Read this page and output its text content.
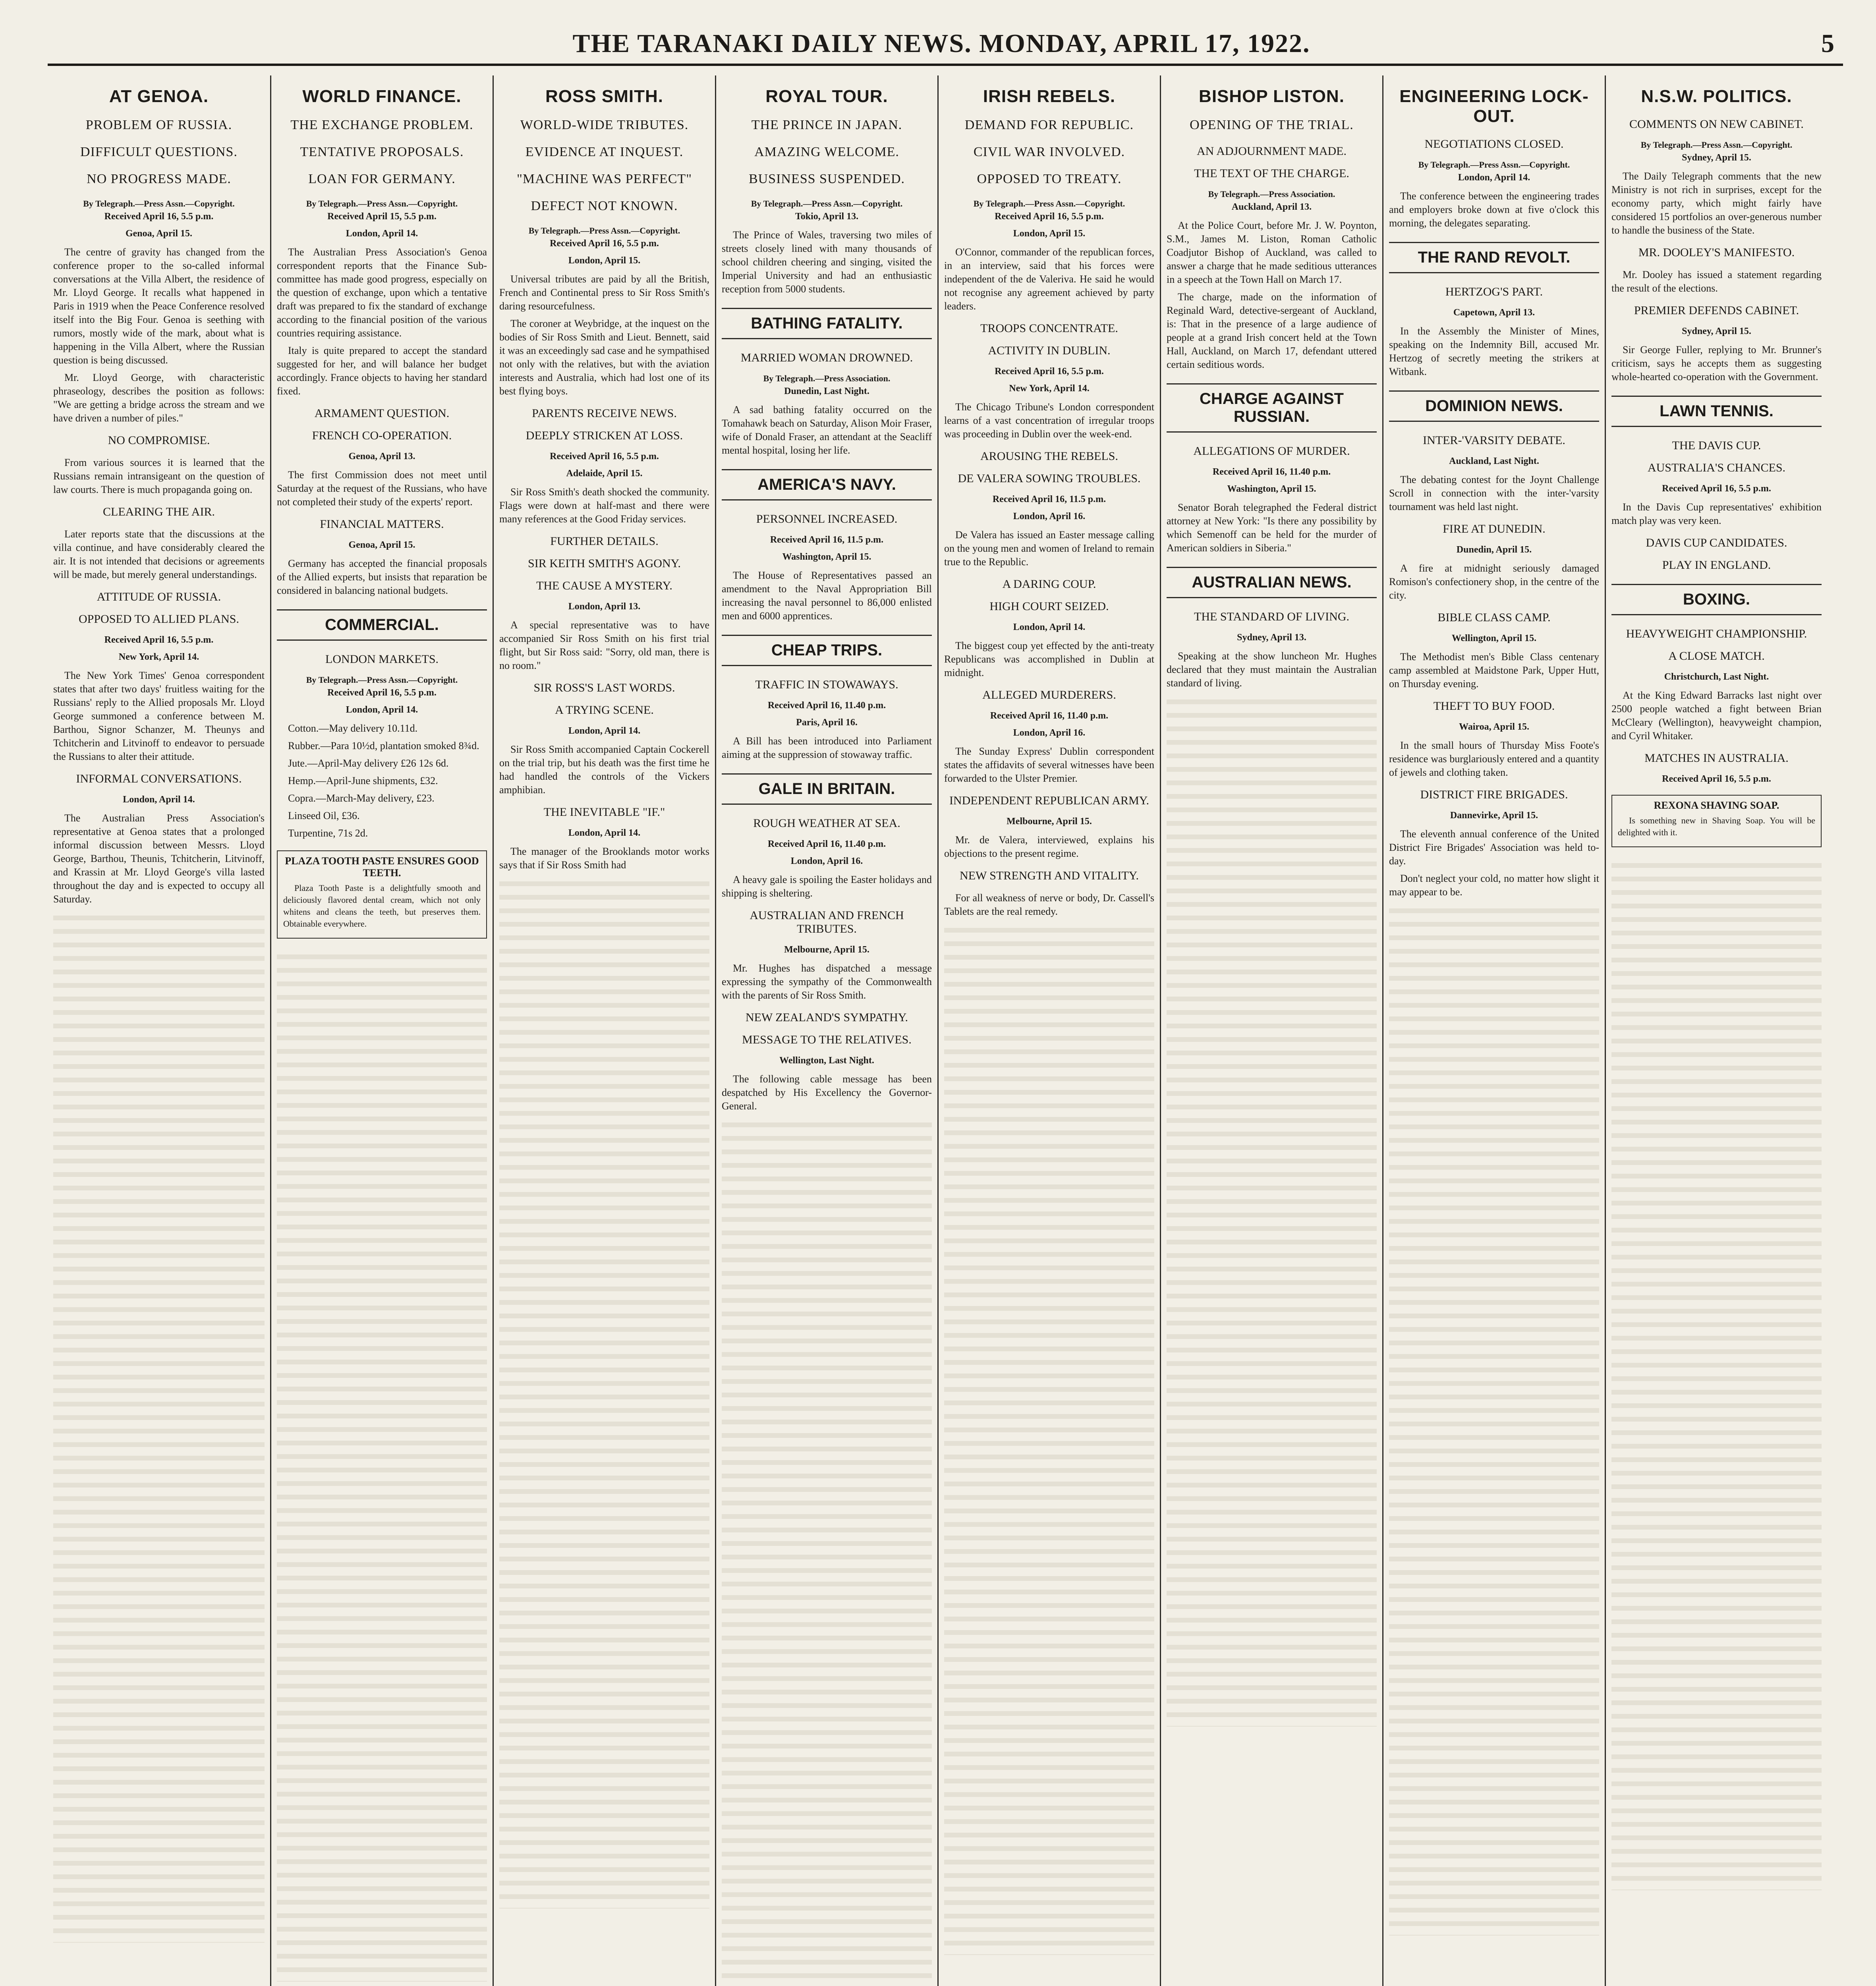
THE TARANAKI DAILY NEWS. MONDAY, APRIL 17, 1922.	5
AT GENOA.
PROBLEM OF RUSSIA.
DIFFICULT QUESTIONS.
NO PROGRESS MADE.
By Telegraph.—Press Assn.—Copyright.
Received April 16, 5.5 p.m.
Genoa, April 15.
The centre of gravity has changed from the conference proper to the so-called informal conversations at the Villa Albert, the residence of Mr. Lloyd George. It recalls what happened in Paris in 1919 when the Peace Conference resolved itself into the Big Four. Genoa is seething with rumors, mostly wide of the mark, about what is happening in the Villa Albert, where the Russian question is being discussed.
Mr. Lloyd George, with characteristic phraseology, describes the position as follows: "We are getting a bridge across the stream and we have driven a number of piles."
NO COMPROMISE.
From various sources it is learned that the Russians remain intransigeant on the question of law courts. There is much propaganda going on.
CLEARING THE AIR.
Later reports state that the discussions at the villa continue, and have considerably cleared the air. It is not intended that decisions or agreements will be made, but merely general understandings.
ATTITUDE OF RUSSIA.
OPPOSED TO ALLIED PLANS.
Received April 16, 5.5 p.m.
New York, April 14.
The New York Times' Genoa correspondent states that after two days' fruitless waiting for the Russians' reply to the Allied proposals Mr. Lloyd George summoned a conference between M. Barthou, Signor Schanzer, M. Theunys and Tchitcherin and Litvinoff to endeavor to persuade the Russians to alter their attitude.
INFORMAL CONVERSATIONS.
London, April 14.
The Australian Press Association's representative at Genoa states that a prolonged informal discussion between Messrs. Lloyd George, Barthou, Theunis, Tchitcherin, Litvinoff, and Krassin at Mr. Lloyd George's villa lasted throughout the day and is expected to occupy all Saturday.
WORLD FINANCE.
THE EXCHANGE PROBLEM.
TENTATIVE PROPOSALS.
LOAN FOR GERMANY.
By Telegraph.—Press Assn.—Copyright.
Received April 15, 5.5 p.m.
London, April 14.
The Australian Press Association's Genoa correspondent reports that the Finance Sub-committee has made good progress, especially on the question of exchange, upon which a tentative draft was prepared to fix the standard of exchange according to the financial position of the various countries requiring assistance.
Italy is quite prepared to accept the standard suggested for her, and will balance her budget accordingly. France objects to having her standard fixed.
ARMAMENT QUESTION.
FRENCH CO-OPERATION.
Genoa, April 13.
The first Commission does not meet until Saturday at the request of the Russians, who have not completed their study of the experts' report.
FINANCIAL MATTERS.
Genoa, April 15.
Germany has accepted the financial proposals of the Allied experts, but insists that reparation be considered in balancing national budgets.
COMMERCIAL.
LONDON MARKETS.
By Telegraph.—Press Assn.—Copyright.
Received April 16, 5.5 p.m.
London, April 14.
Cotton.—May delivery 10.11d.
Rubber.—Para 10½d, plantation smoked 8¾d.
Jute.—April-May delivery £26 12s 6d.
Hemp.—April-June shipments, £32.
Copra.—March-May delivery, £23.
Linseed Oil, £36.
Turpentine, 71s 2d.
PLAZA TOOTH PASTE ENSURES GOOD TEETH.
Plaza Tooth Paste is a delightfully smooth and deliciously flavored dental cream, which not only whitens and cleans the teeth, but preserves them. Obtainable everywhere.
ROSS SMITH.
WORLD-WIDE TRIBUTES.
EVIDENCE AT INQUEST.
"MACHINE WAS PERFECT"
DEFECT NOT KNOWN.
By Telegraph.—Press Assn.—Copyright.
Received April 16, 5.5 p.m.
London, April 15.
Universal tributes are paid by all the British, French and Continental press to Sir Ross Smith's daring resourcefulness.
The coroner at Weybridge, at the inquest on the bodies of Sir Ross Smith and Lieut. Bennett, said it was an exceedingly sad case and he sympathised not only with the relatives, but with the aviation interests and Australia, which had lost one of its best flying boys.
PARENTS RECEIVE NEWS.
DEEPLY STRICKEN AT LOSS.
Received April 16, 5.5 p.m.
Adelaide, April 15.
Sir Ross Smith's death shocked the community. Flags were down at half-mast and there were many references at the Good Friday services.
FURTHER DETAILS.
SIR KEITH SMITH'S AGONY.
THE CAUSE A MYSTERY.
London, April 13.
A special representative was to have accompanied Sir Ross Smith on his first trial flight, but Sir Ross said: "Sorry, old man, there is no room."
SIR ROSS'S LAST WORDS.
A TRYING SCENE.
London, April 14.
Sir Ross Smith accompanied Captain Cockerell on the trial trip, but his death was the first time he had handled the controls of the Vickers amphibian.
THE INEVITABLE "IF."
London, April 14.
The manager of the Brooklands motor works says that if Sir Ross Smith had
ROYAL TOUR.
THE PRINCE IN JAPAN.
AMAZING WELCOME.
BUSINESS SUSPENDED.
By Telegraph.—Press Assn.—Copyright.
Tokio, April 13.
The Prince of Wales, traversing two miles of streets closely lined with many thousands of school children cheering and singing, visited the Imperial University and had an enthusiastic reception from 5000 students.
BATHING FATALITY.
MARRIED WOMAN DROWNED.
By Telegraph.—Press Association.
Dunedin, Last Night.
A sad bathing fatality occurred on the Tomahawk beach on Saturday, Alison Moir Fraser, wife of Donald Fraser, an attendant at the Seacliff mental hospital, losing her life.
AMERICA'S NAVY.
PERSONNEL INCREASED.
Received April 16, 11.5 p.m.
Washington, April 15.
The House of Representatives passed an amendment to the Naval Appropriation Bill increasing the naval personnel to 86,000 enlisted men and 6000 apprentices.
CHEAP TRIPS.
TRAFFIC IN STOWAWAYS.
Received April 16, 11.40 p.m.
Paris, April 16.
A Bill has been introduced into Parliament aiming at the suppression of stowaway traffic.
GALE IN BRITAIN.
ROUGH WEATHER AT SEA.
Received April 16, 11.40 p.m.
London, April 16.
A heavy gale is spoiling the Easter holidays and shipping is sheltering.
AUSTRALIAN AND FRENCH TRIBUTES.
Melbourne, April 15.
Mr. Hughes has dispatched a message expressing the sympathy of the Commonwealth with the parents of Sir Ross Smith.
NEW ZEALAND'S SYMPATHY.
MESSAGE TO THE RELATIVES.
Wellington, Last Night.
The following cable message has been despatched by His Excellency the Governor-General.
IRISH REBELS.
DEMAND FOR REPUBLIC.
CIVIL WAR INVOLVED.
OPPOSED TO TREATY.
By Telegraph.—Press Assn.—Copyright.
Received April 16, 5.5 p.m.
London, April 15.
O'Connor, commander of the republican forces, in an interview, said that his forces were independent of the de Valeriva. He said he would not recognise any agreement achieved by party leaders.
TROOPS CONCENTRATE.
ACTIVITY IN DUBLIN.
Received April 16, 5.5 p.m.
New York, April 14.
The Chicago Tribune's London correspondent learns of a vast concentration of irregular troops was proceeding in Dublin over the week-end.
AROUSING THE REBELS.
DE VALERA SOWING TROUBLES.
Received April 16, 11.5 p.m.
London, April 16.
De Valera has issued an Easter message calling on the young men and women of Ireland to remain true to the Republic.
A DARING COUP.
HIGH COURT SEIZED.
London, April 14.
The biggest coup yet effected by the anti-treaty Republicans was accomplished in Dublin at midnight.
ALLEGED MURDERERS.
Received April 16, 11.40 p.m.
London, April 16.
The Sunday Express' Dublin correspondent states the affidavits of several witnesses have been forwarded to the Ulster Premier.
INDEPENDENT REPUBLICAN ARMY.
Melbourne, April 15.
Mr. de Valera, interviewed, explains his objections to the present regime.
NEW STRENGTH AND VITALITY.
For all weakness of nerve or body, Dr. Cassell's Tablets are the real remedy.
BISHOP LISTON.
OPENING OF THE TRIAL.
AN ADJOURNMENT MADE.
THE TEXT OF THE CHARGE.
By Telegraph.—Press Association.
Auckland, April 13.
At the Police Court, before Mr. J. W. Poynton, S.M., James M. Liston, Roman Catholic Coadjutor Bishop of Auckland, was called to answer a charge that he made seditious utterances in a speech at the Town Hall on March 17.
The charge, made on the information of Reginald Ward, detective-sergeant of Auckland, is: That in the presence of a large audience of people at a grand Irish concert held at the Town Hall, Auckland, on March 17, defendant uttered certain seditious words.
CHARGE AGAINST RUSSIAN.
ALLEGATIONS OF MURDER.
Received April 16, 11.40 p.m.
Washington, April 15.
Senator Borah telegraphed the Federal district attorney at New York: "Is there any possibility by which Semenoff can be held for the murder of American soldiers in Siberia."
AUSTRALIAN NEWS.
THE STANDARD OF LIVING.
Sydney, April 13.
Speaking at the show luncheon Mr. Hughes declared that they must maintain the Australian standard of living.
ENGINEERING LOCK-OUT.
NEGOTIATIONS CLOSED.
By Telegraph.—Press Assn.—Copyright.
London, April 14.
The conference between the engineering trades and employers broke down at five o'clock this morning, the delegates separating.
THE RAND REVOLT.
HERTZOG'S PART.
Capetown, April 13.
In the Assembly the Minister of Mines, speaking on the Indemnity Bill, accused Mr. Hertzog of secretly meeting the strikers at Witbank.
DOMINION NEWS.
INTER-'VARSITY DEBATE.
Auckland, Last Night.
The debating contest for the Joynt Challenge Scroll in connection with the inter-'varsity tournament was held last night.
FIRE AT DUNEDIN.
Dunedin, April 15.
A fire at midnight seriously damaged Romison's confectionery shop, in the centre of the city.
BIBLE CLASS CAMP.
Wellington, April 15.
The Methodist men's Bible Class centenary camp assembled at Maidstone Park, Upper Hutt, on Thursday evening.
THEFT TO BUY FOOD.
Wairoa, April 15.
In the small hours of Thursday Miss Foote's residence was burglariously entered and a quantity of jewels and clothing taken.
DISTRICT FIRE BRIGADES.
Dannevirke, April 15.
The eleventh annual conference of the United District Fire Brigades' Association was held to-day.
Don't neglect your cold, no matter how slight it may appear to be.
N.S.W. POLITICS.
COMMENTS ON NEW CABINET.
By Telegraph.—Press Assn.—Copyright.
Sydney, April 15.
The Daily Telegraph comments that the new Ministry is not rich in surprises, except for the economy party, which might fairly have considered 15 portfolios an over-generous number to handle the business of the State.
MR. DOOLEY'S MANIFESTO.
Mr. Dooley has issued a statement regarding the result of the elections.
PREMIER DEFENDS CABINET.
Sydney, April 15.
Sir George Fuller, replying to Mr. Brunner's criticism, says he accepts them as suggesting whole-hearted co-operation with the Government.
LAWN TENNIS.
THE DAVIS CUP.
AUSTRALIA'S CHANCES.
Received April 16, 5.5 p.m.
In the Davis Cup representatives' exhibition match play was very keen.
DAVIS CUP CANDIDATES.
PLAY IN ENGLAND.
BOXING.
HEAVYWEIGHT CHAMPIONSHIP.
A CLOSE MATCH.
Christchurch, Last Night.
At the King Edward Barracks last night over 2500 people watched a fight between Brian McCleary (Wellington), heavyweight champion, and Cyril Whitaker.
MATCHES IN AUSTRALIA.
Received April 16, 5.5 p.m.
REXONA SHAVING SOAP.
Is something new in Shaving Soap. You will be delighted with it.
